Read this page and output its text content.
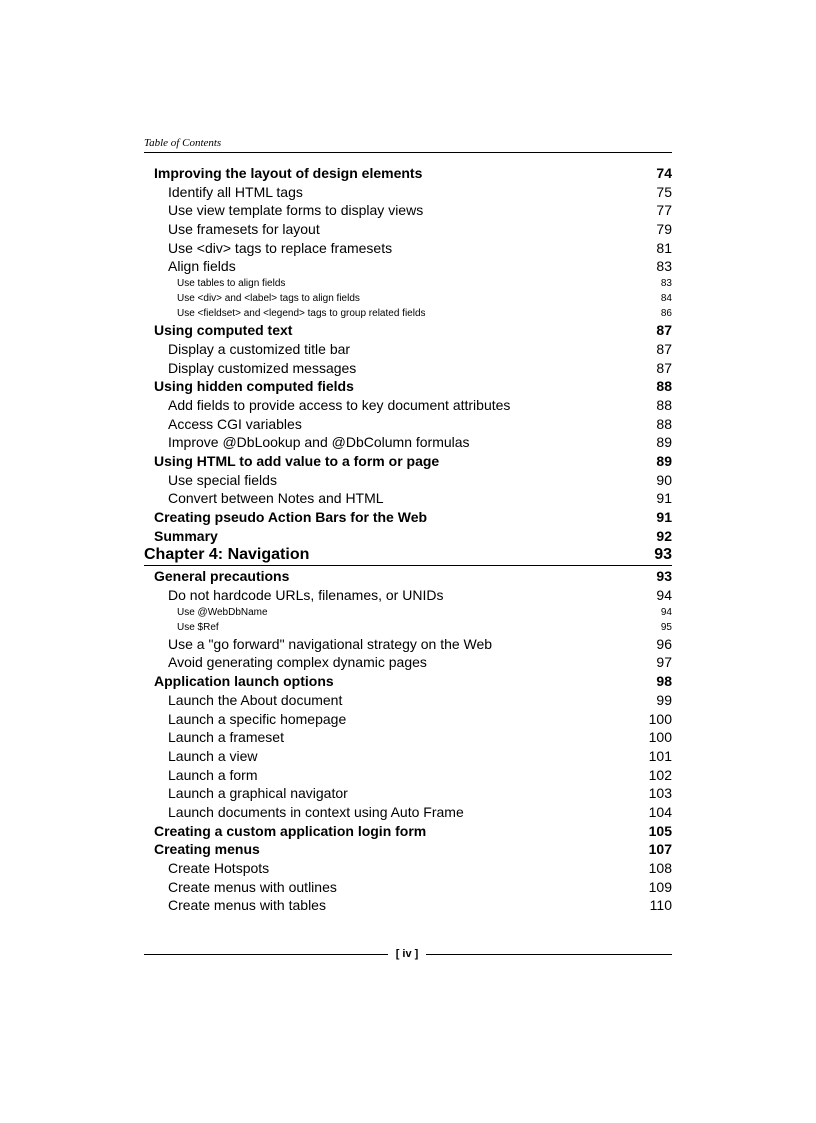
Table of Contents
Improving the layout of design elements	74
Identify all HTML tags	75
Use view template forms to display views	77
Use framesets for layout	79
Use <div> tags to replace framesets	81
Align fields	83
Use tables to align fields	83
Use <div> and <label> tags to align fields	84
Use <fieldset> and <legend> tags to group related fields	86
Using computed text	87
Display a customized title bar	87
Display customized messages	87
Using hidden computed fields	88
Add fields to provide access to key document attributes	88
Access CGI variables	88
Improve @DbLookup and @DbColumn formulas	89
Using HTML to add value to a form or page	89
Use special fields	90
Convert between Notes and HTML	91
Creating pseudo Action Bars for the Web	91
Summary	92
Chapter 4: Navigation	93
General precautions	93
Do not hardcode URLs, filenames, or UNIDs	94
Use @WebDbName	94
Use $Ref	95
Use a "go forward" navigational strategy on the Web	96
Avoid generating complex dynamic pages	97
Application launch options	98
Launch the About document	99
Launch a specific homepage	100
Launch a frameset	100
Launch a view	101
Launch a form	102
Launch a graphical navigator	103
Launch documents in context using Auto Frame	104
Creating a custom application login form	105
Creating menus	107
Create Hotspots	108
Create menus with outlines	109
Create menus with tables	110
[ iv ]
